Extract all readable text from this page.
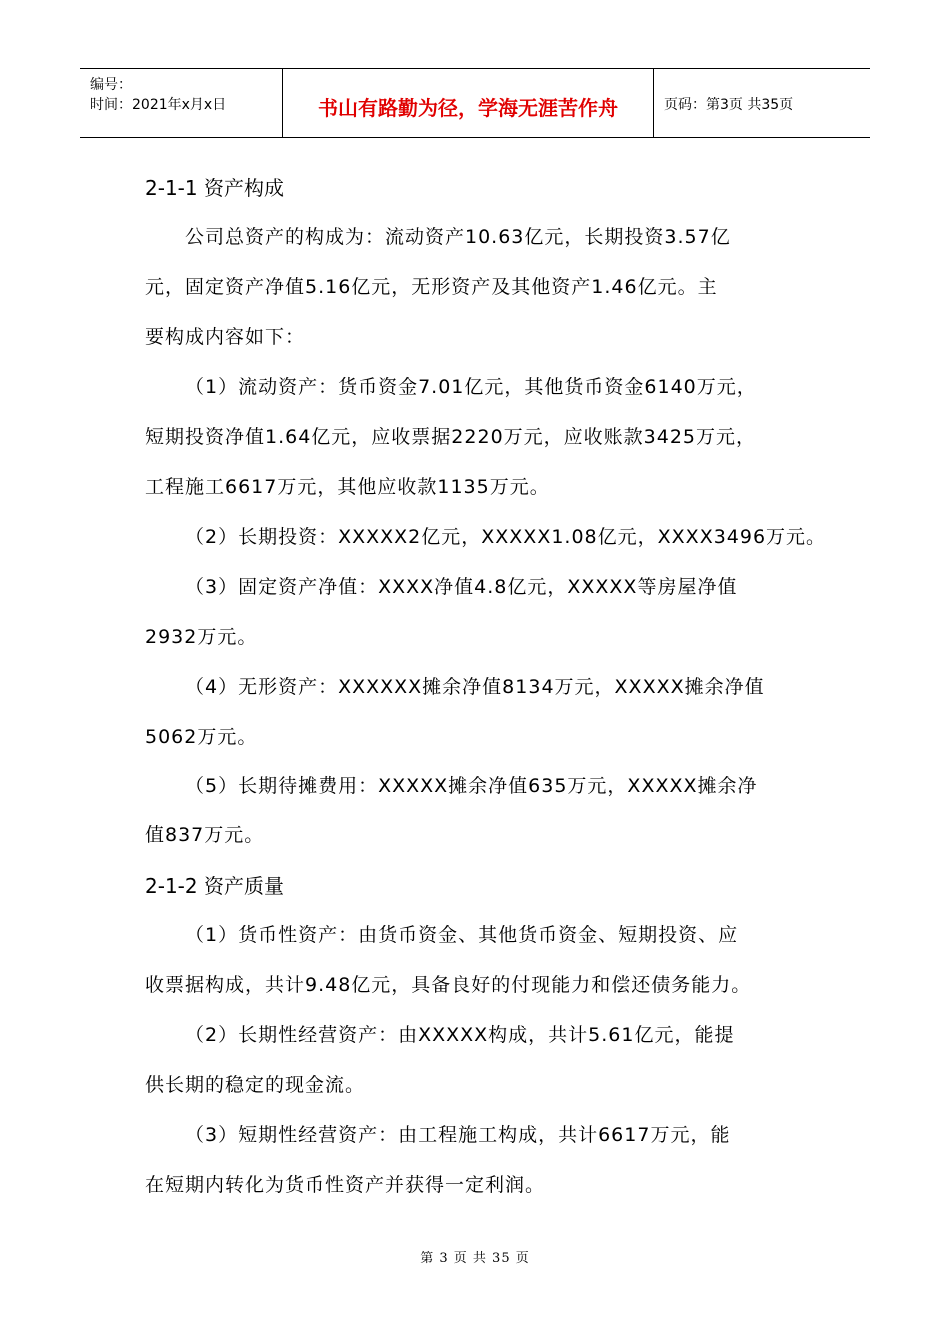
编号：
时间：2021年x月x日	书山有路勤为径，学海无涯苦作舟	页码：第3页 共35页
2-1-1 资产构成
公司总资产的构成为：流动资产10.63亿元，长期投资3.57亿
元，固定资产净值5.16亿元，无形资产及其他资产1.46亿元。主
要构成内容如下：
（1）流动资产：货币资金7.01亿元，其他货币资金6140万元，
短期投资净值1.64亿元，应收票据2220万元，应收账款3425万元，
工程施工6617万元，其他应收款1135万元。
（2）长期投资：XXXXX2亿元，XXXXX1.08亿元，XXXX3496万元。
（3）固定资产净值：XXXX净值4.8亿元，XXXXX等房屋净值
2932万元。
（4）无形资产：XXXXXX摊余净值8134万元，XXXXX摊余净值
5062万元。
（5）长期待摊费用：XXXXX摊余净值635万元，XXXXX摊余净
值837万元。
2-1-2 资产质量
（1）货币性资产：由货币资金、其他货币资金、短期投资、应
收票据构成，共计9.48亿元，具备良好的付现能力和偿还债务能力。
（2）长期性经营资产：由XXXXX构成，共计5.61亿元，能提
供长期的稳定的现金流。
（3）短期性经营资产：由工程施工构成，共计6617万元，能
在短期内转化为货币性资产并获得一定利润。
第 3 页 共 35 页
